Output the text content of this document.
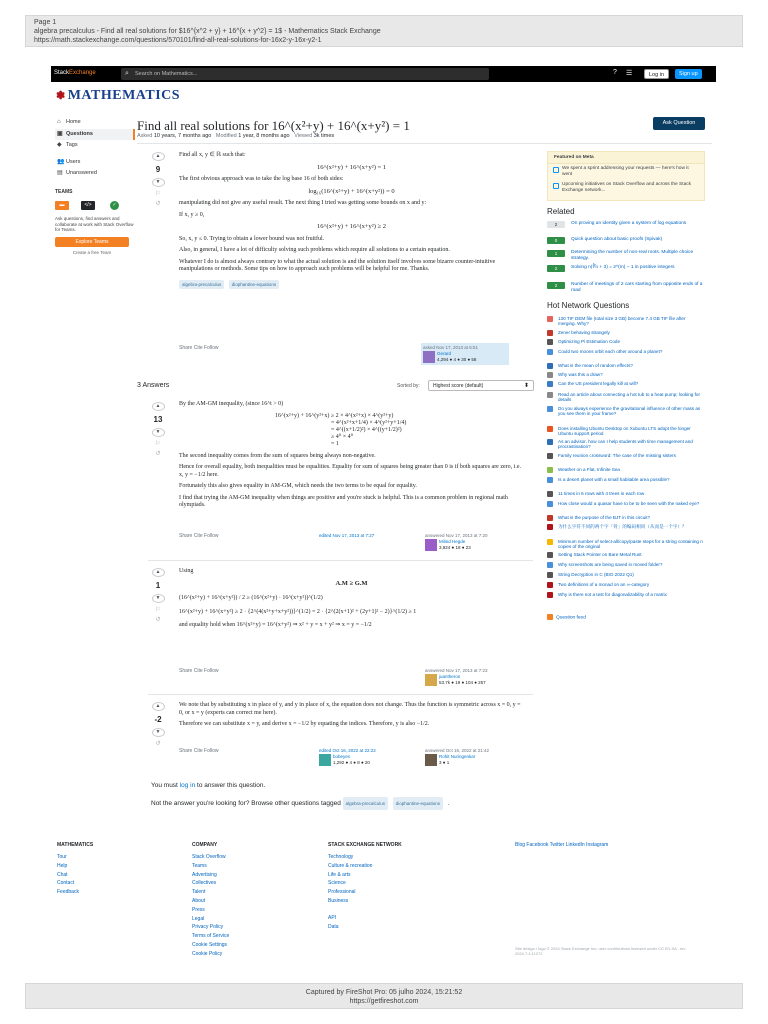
Page 1
algebra precalculus - Find all real solutions for $16^{x^2 + y} + 16^{x + y^2} = 1$ - Mathematics Stack Exchange
https://math.stackexchange.com/questions/570101/find-all-real-solutions-for-16x2-y-16x-y2-1
StackExchange	⌕ Search on Mathematics...	? ☰	Log in	Sign up
✽ MATHEMATICS
⌂ Home
▣ Questions
◆ Tags
👥 Users
▤ Unanswered
TEAMS
▬	</>	✓
Ask questions, find answers and collaborate at work with Stack Overflow for Teams.
Explore Teams
Create a free Team
Find all real solutions for 16^(x²+y) + 16^(x+y²) = 1
Asked 10 years, 7 months ago Modified 1 year, 8 months ago Viewed 3k times
Ask Question
▲
9
▼
⚐
↺

Find all x, y ∈ ℝ such that:

16^(x²+y) + 16^(x+y²) = 1

The first obvious approach was to take the log base 16 of both sides:

log₁₆(16^(x²+y) + 16^(x+y²)) = 0

manipulating did not give any useful result. The next thing I tried was getting some bounds on x and y:

If x, y ≥ 0,

16^(x²+y) + 16^(x+y²) ≥ 2

So, x, y ≤ 0. Trying to obtain a lower bound was not fruitful.

Also, in general, I have a lot of difficulty solving such problems which require all solutions to a certain equation.

Whatever I do is almost always contrary to what the actual solution is and the solution itself involves some bizarre counter-intuitive manipulations or methods. Some tips on how to approach such problems will be helpful for me. Thanks.

algebra-precalculus diophantine-equations
Share Cite Follow	asked Nov 17, 2013 at 6:51
Gerard
4,294 ● 4 ● 30 ● 58
3 Answers	Sorted by:	Highest score (default)	⬍
▲
13
▼
⚐
↺

By the AM-GM inequality, (since 16^t > 0)

16^(x²+y) + 16^(y²+x) ≥ 2 × 4^(x²+x) × 4^(y²+y)
= 4^(x²+x+1/4) × 4^(y²+y+1/4)
= 4^((x+1/2)²) × 4^((y+1/2)²)
≥ 4⁰ × 4⁰
= 1

The second inequality comes from the sum of squares being always non-negative.

Hence for overall equality, both inequalities must be equalities. Equality for sum of squares being greater than 0 is if both squares are zero, i.e. x, y = −1/2 here.

Fortunately this also gives equality in AM-GM, which needs the two terms to be equal for equality.

I find that trying the AM-GM inequality when things are positive and you're stuck is helpful. This is a common problem in regional math olympiads.

Share Cite Follow	edited Nov 17, 2013 at 7:27	answered Nov 17, 2013 at 7:20
Milind Hegde
3,924 ● 18 ● 23
▲
1
▼
⚐
↺

Using

A.M ≥ G.M
(16^(x²+y) + 16^(x+y²)) / 2 ≥ (16^(x²+y) · 16^(x+y²))^(1/2)
16^(x²+y) + 16^(x+y²) ≥ 2 · {2^(4(x²+y+x+y²))}^(1/2) = 2 · {2^(2(x+1)² + (2y+1)² − 2)}^(1/2) ≥ 1

and equality hold when 16^(x²+y) = 16^(x+y²) ⇒ x² + y = x + y² ⇒ x = y = −1/2

Share Cite Follow	answered Nov 17, 2013 at 7:23
juantheron
53.7k ● 19 ● 104 ● 257
▲
-2
▼
↺

We note that by substituting x in place of y, and y in place of x, the equation does not change. Thus the function is symmetric across x = 0, y = 0, or x = y (experts can correct me here).

Therefore we can substitute x = y, and derive x = −1/2 by equating the indices. Therefore, y is also −1/2.

Share Cite Follow	edited Oct 16, 2022 at 22:22
bobeyes
1,292 ● 4 ● 8 ● 20
answered Oct 16, 2022 at 21:42
Rohit Nuringenkar
3 ● 1
You must log in to answer this question.
Not the answer you're looking for? Browse other questions tagged algebra-precalculus diophantine-equations .
Featured on Meta
We spent a sprint addressing your requests — here's how it went
Upcoming initiatives on Stack Overflow and across the Stack Exchange network...
Related
2	On proving an identity given a system of log equations
0	Quick question about basic proofs (Spivak)
1	Determining the number of non-real roots. Multiple choice strategy.
2	Solving n(∛n + 3) = 2^(m) − 1 in positive integers
2	Number of meetings of 2 cars starting from opposite ends of a road
Hot Network Questions
130 TIF DEM file (total size 3 GB) become 7.4 GB TIF file after merging. Why?
Zener behaving strangely
Optimizing Pi Estimation Code
Could two moons orbit each other around a planet?
What is the mean of random effects?
Why was this a draw?
Can the US president legally kill at will?
Read an article about connecting a hot tub to a heat pump; looking for details
Do you always experience the gravitational influence of other mass as you see them in your frame?
Does installing Ubuntu Desktop on Xubuntu LTS adopt the longer Ubuntu support period
As an advisor, how can I help students with time management and procrastination?
Family reunion crossword: The case of the missing sisters
Weather on a Flat, Infinite Sea
Is a desert planet with a small habitable area possible?
11 times in 6 rows with 4 trees in each row
How close would a quasar have to be to be seen with the naked eye?
What is the purpose of the BJT in this circuit?
为什么字符不同的两个字「骨」的编码相同（从而是一个字）？
Minimum number of select-all/copy/paste steps for a string containing n copies of the original
Setting Stack Pointer on Bare Metal Rust
Why screenshots are being saved in moved folder?
String Decryption in C (BIO 2022 Q1)
Two definitions of a monad on an ∞-category
Why is there not a test for diagonalizability of a matrix
Question feed
MATHEMATICS
Tour
Help
Chat
Contact
Feedback
COMPANY
Stack Overflow
Teams
Advertising
Collectives
Talent
About
Press
Legal
Privacy Policy
Terms of Service
Cookie Settings
Cookie Policy
STACK EXCHANGE NETWORK
Technology
Culture & recreation
Life & arts
Science
Professional
Business
API
Data
Blog Facebook Twitter LinkedIn Instagram
Site design / logo © 2024 Stack Exchange Inc; user contributions licensed under CC BY-SA . rev 2024.7.4.11272
Captured by FireShot Pro: 05 julho 2024, 15:21:52
https://getfireshot.com
